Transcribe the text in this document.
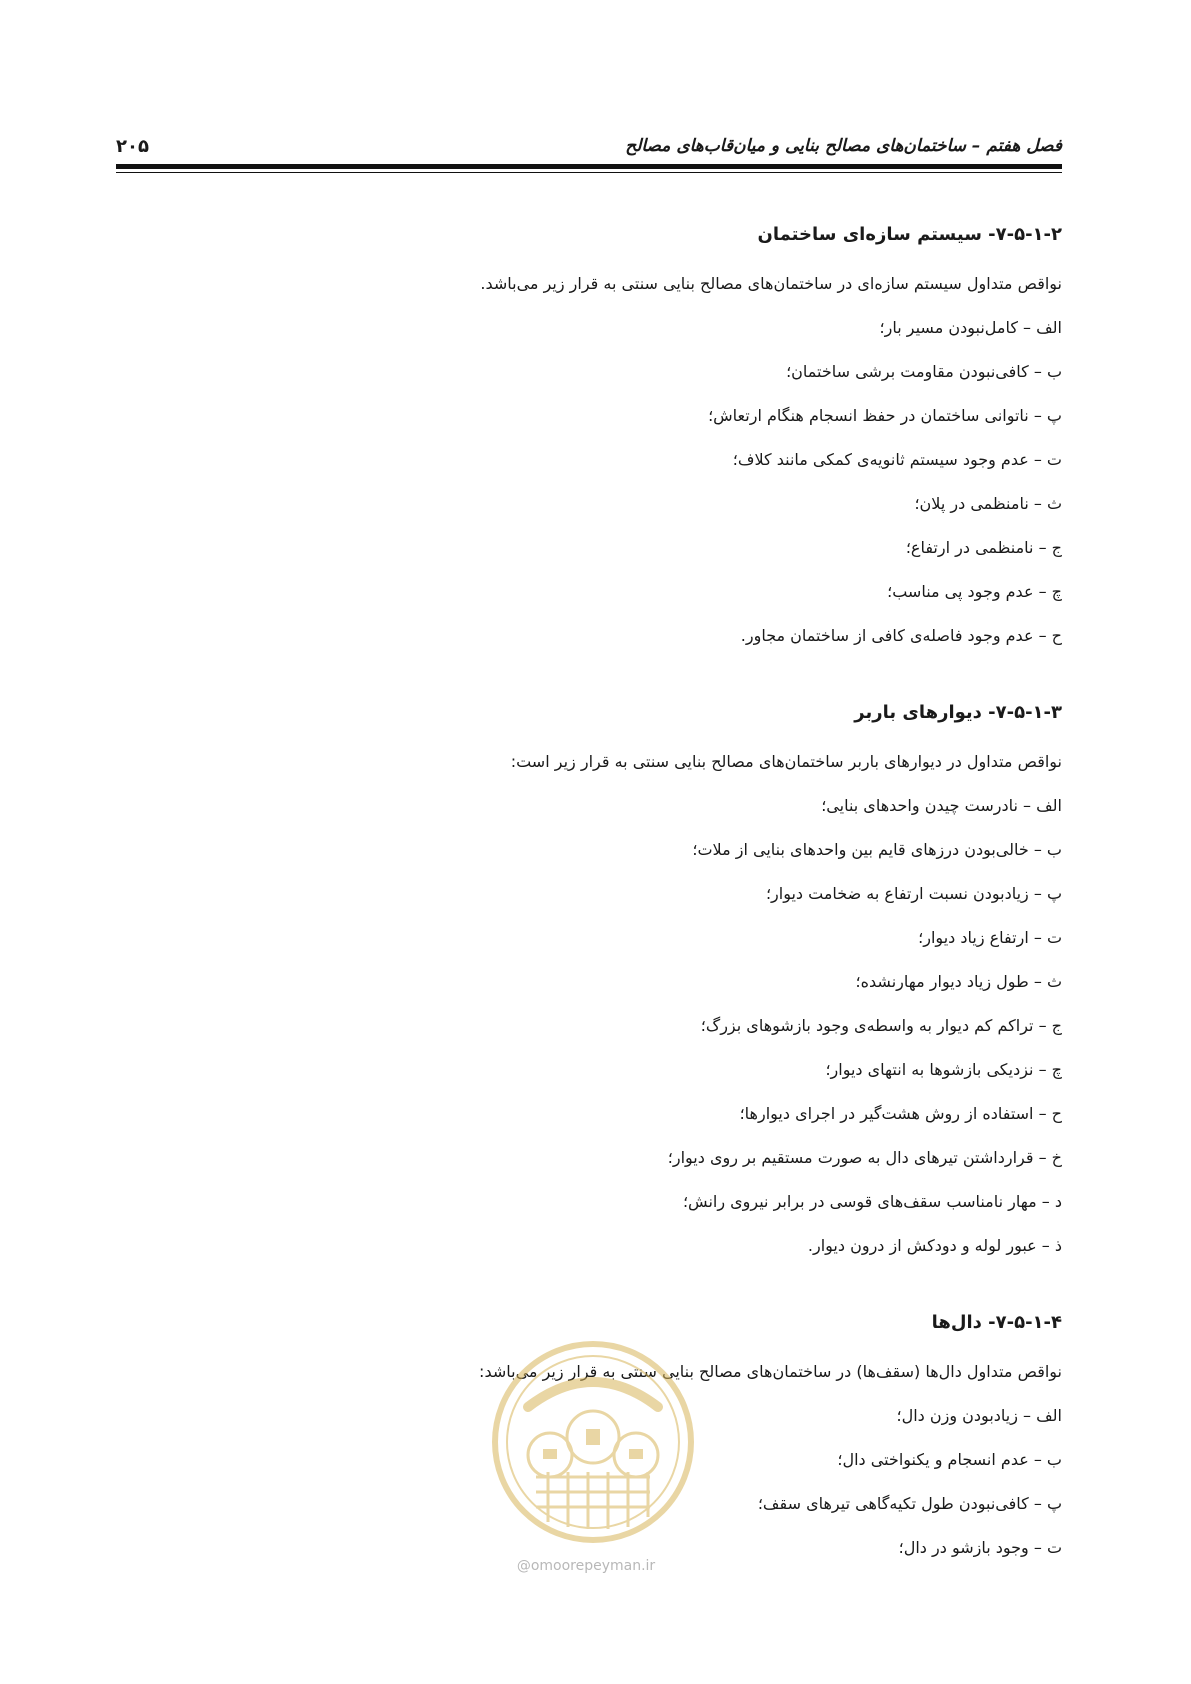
فصل هفتم – ساختمان‌های مصالح بنایی و میان‌قاب‌های مصالح
۲۰۵
۷-۵-۱-۲- سیستم سازه‌ای ساختمان

نواقص متداول سیستم سازه‌ای در ساختمان‌های مصالح بنایی سنتی به قرار زیر می‌باشد.

الف – کامل‌نبودن مسیر بار؛
ب – کافی‌نبودن مقاومت برشی ساختمان؛
پ – ناتوانی ساختمان در حفظ انسجام هنگام ارتعاش؛
ت – عدم وجود سیستم ثانویه‌ی کمکی مانند کلاف؛
ث – نامنظمی در پلان؛
ج – نامنظمی در ارتفاع؛
چ – عدم وجود پی مناسب؛
ح – عدم وجود فاصله‌ی کافی از ساختمان مجاور.
۷-۵-۱-۳- دیوارهای باربر

نواقص متداول در دیوارهای باربر ساختمان‌های مصالح بنایی سنتی به قرار زیر است:

الف – نادرست چیدن واحدهای بنایی؛
ب – خالی‌بودن درزهای قایم بین واحدهای بنایی از ملات؛
پ – زیادبودن نسبت ارتفاع به ضخامت دیوار؛
ت – ارتفاع زیاد دیوار؛
ث – طول زیاد دیوار مهارنشده؛
ج – تراکم کم دیوار به واسطه‌ی وجود بازشوهای بزرگ؛
چ – نزدیکی بازشوها به انتهای دیوار؛
ح – استفاده از روش هشت‌گیر در اجرای دیوارها؛
خ – قرارداشتن تیرهای دال به صورت مستقیم بر روی دیوار؛
د – مهار نامناسب سقف‌های قوسی در برابر نیروی رانش؛
ذ – عبور لوله و دودکش از درون دیوار.
۷-۵-۱-۴- دال‌ها

نواقص متداول دال‌ها (سقف‌ها) در ساختمان‌های مصالح بنایی سنتی به قرار زیر می‌باشد:

الف – زیادبودن وزن دال؛
ب – عدم انسجام و یکنواختی دال؛
پ – کافی‌نبودن طول تکیه‌گاهی تیرهای سقف؛
ت – وجود بازشو در دال؛
@omoorepeyman.ir
